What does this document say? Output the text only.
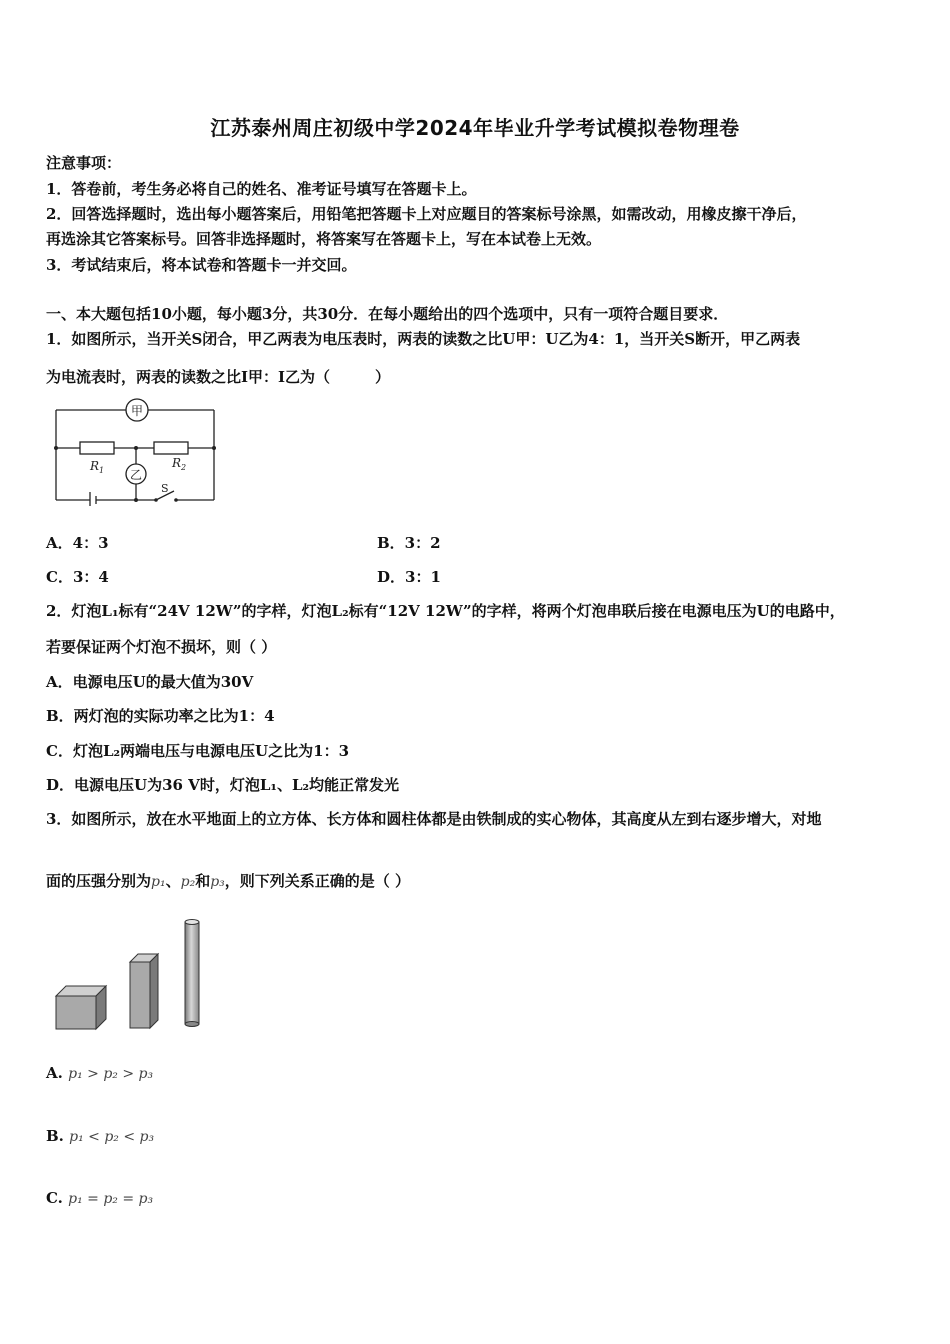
江苏泰州周庄初级中学2024年毕业升学考试模拟卷物理卷
注意事项：
1．答卷前，考生务必将自己的姓名、准考证号填写在答题卡上。
2．回答选择题时，选出每小题答案后，用铅笔把答题卡上对应题目的答案标号涂黑，如需改动，用橡皮擦干净后，
再选涂其它答案标号。回答非选择题时，将答案写在答题卡上，写在本试卷上无效。
3．考试结束后，将本试卷和答题卡一并交回。
一、本大题包括10小题，每小题3分，共30分．在每小题给出的四个选项中，只有一项符合题目要求．
1．如图所示，当开关S闭合，甲乙两表为电压表时，两表的读数之比U甲：U乙为4：1，当开关S断开，甲乙两表
为电流表时，两表的读数之比I甲：I乙为（　　　）
甲
乙
$R_1$
$R_2$
S
A．4：3	B．3：2
C．3：4	D．3：1
2．灯泡L₁标有“24V 12W”的字样，灯泡L₂标有“12V 12W”的字样，将两个灯泡串联后接在电源电压为U的电路中，
若要保证两个灯泡不损坏，则（ ）
A．电源电压U的最大值为30V
B．两灯泡的实际功率之比为1：4
C．灯泡L₂两端电压与电源电压U之比为1：3
D．电源电压U为36 V时，灯泡L₁、L₂均能正常发光
3．如图所示，放在水平地面上的立方体、长方体和圆柱体都是由铁制成的实心物体，其高度从左到右逐步增大，对地
面的压强分别为p₁、p₂和p₃，则下列关系正确的是（ ）
A. p₁ > p₂ > p₃
B. p₁ < p₂ < p₃
C. p₁ = p₂ = p₃
